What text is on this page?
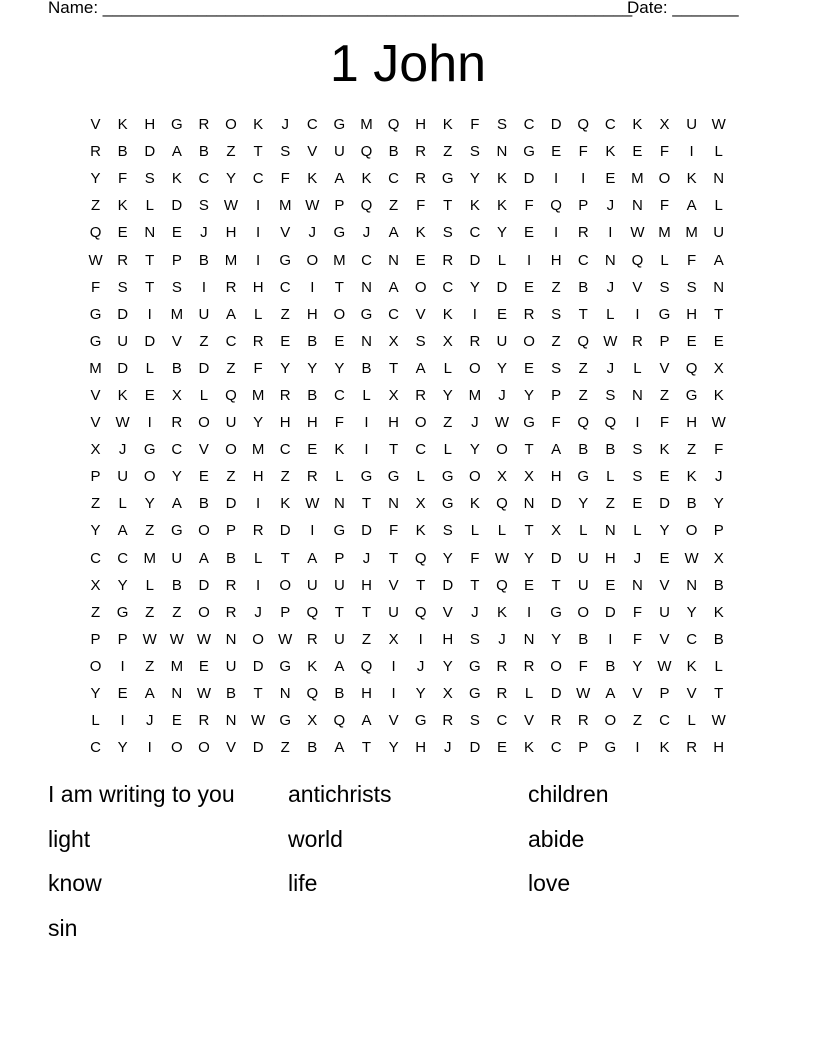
Name: ________________________________________________________
Date: _______
1 John
V	K	H	G	R	O	K	J	C	G	M	Q	H	K	F	S	C	D	Q	C	K	X	U W
R	B	D	A	B	Z	T	S	V	U	Q	B	R	Z	S	N	G	E	F	K	E	F	I	L
Y	F	S	K	C	Y	C	F	K	A	K	C	R	G	Y	K	D	I	I	E	M	O	K	N
Z	K	L	D	S	W	I	M W	P	Q	Z	F	T	K	K	F	Q	P	J	N	F	A	L
Q	E	N	E	J	H	I	V	J	G	J	A	K	S	C	Y	E	I	R	I	W M M	U
W R	T	P	B	M	I	G	O	M	C	N	E	R	D	L	I	H	C	N	Q	L	F	A
F	S	T	S	I	R	H	C	I	T	N	A	O	C	Y	D	E	Z	B	J	V	S	S	N
G	D	I	M	U	A	L	Z	H	O	G	C	V	K	I	E	R	S	T	L	I	G	H	T
G	U	D	V	Z	C	R	E	B	E	N	X	S	X	R	U	O	Z	Q W R	P	E	E
M	D	L	B	D	Z	F	Y	Y	Y	B	T	A	L	O	Y	E	S	Z	J	L	V	Q	X
V	K	E	X	L	Q	M	R	B	C	L	X	R	Y	M	J	Y	P	Z	S	N	Z	G	K
V	W	I	R	O	U	Y	H	H	F	I	H	O	Z	J	W G	F	Q	Q	I	F	H W
X	J	G	C	V	O	M	C	E	K	I	T	C	L	Y	O	T	A	B	B	S	K	Z	F
P	U	O	Y	E	Z	H	Z	R	L	G	G	L	G	O	X	X	H	G	L	S	E	K	J
Z	L	Y	A	B	D	I	K	W N	T	N	X	G	K	Q	N	D	Y	Z	E	D	B	Y
Y	A	Z	G	O	P	R	D	I	G	D	F	K	S	L	L	T	X	L	N	L	Y	O	P
C	C	M	U	A	B	L	T	A	P	J	T	Q	Y	F	W	Y	D	U	H	J	E	W	X
X	Y	L	B	D	R	I	O	U	U	H	V	T	D	T	Q	E	T	U	E	N	V	N	B
Z	G	Z	Z	O	R	J	P	Q	T	T	U	Q	V	J	K	I	G	O	D	F	U	Y	K
P	P	W W W N	O W R	U	Z	X	I	H	S	J	N	Y	B	I	F	V	C	B
O	I	Z	M	E	U	D	G	K	A	Q	I	J	Y	G	R	R	O	F	B	Y	W	K	L
Y	E	A	N W	B	T	N	Q	B	H	I	Y	X	G	R	L	D W	A	V	P	V	T
L	I	J	E	R	N W G	X	Q	A	V	G	R	S	C	V	R	R	O	Z	C	L	W
C	Y	I	O	O	V	D	Z	B	A	T	Y	H	J	D	E	K	C	P	G	I	K	R	H
I am writing to you	antichrists	children
light	world	abide
know	life	love
sin
